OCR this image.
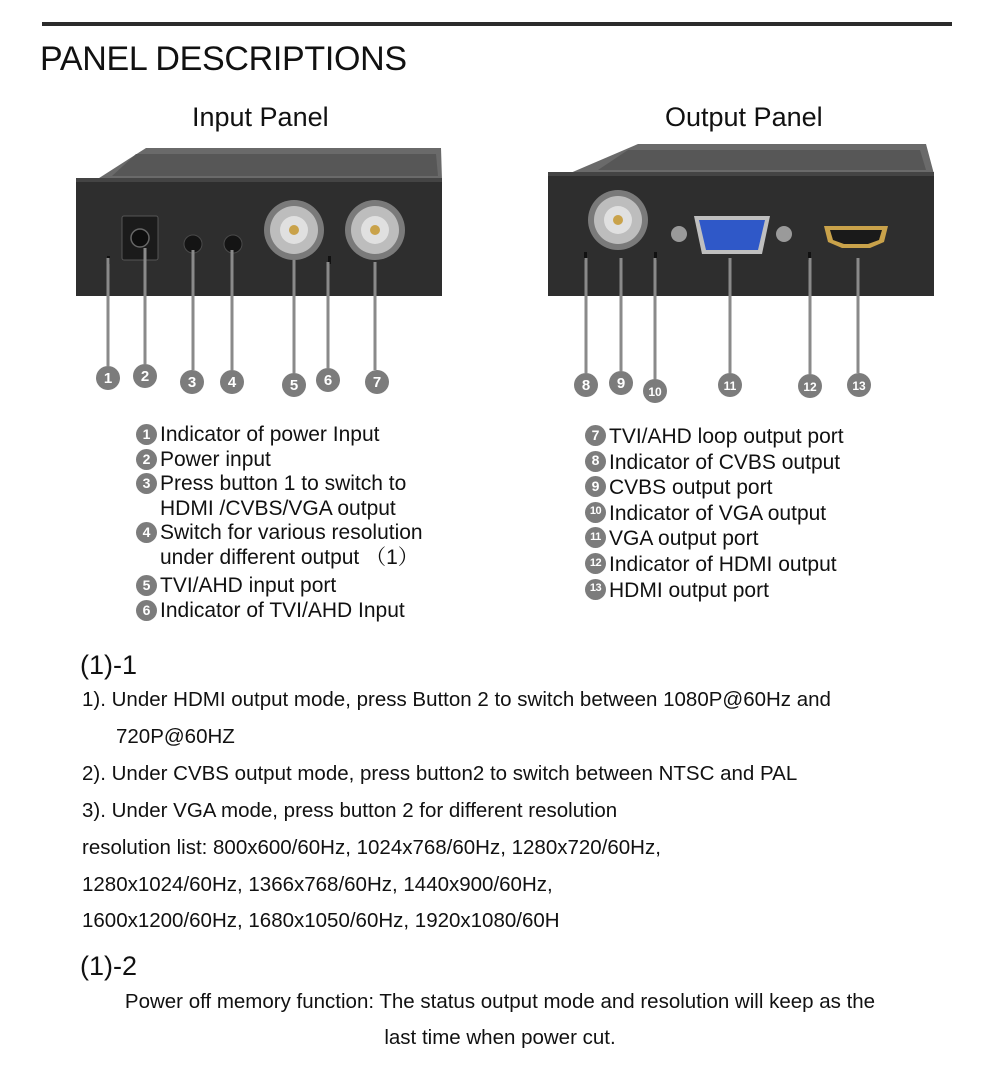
PANEL DESCRIPTIONS
Input Panel	Output Panel
1 2	3 4	5 6	7	8 9 10	11	12	13
1 Indicator of power Input
2 Power input
3 Press button 1 to switch to
HDMI /CVBS/VGA output
4 Switch for various resolution
under different output （1）
5 TVI/AHD input port
6 Indicator of TVI/AHD Input
7 TVI/AHD loop output port
8 Indicator of CVBS output
9 CVBS output port
10 Indicator of VGA output
11 VGA output port
12 Indicator of HDMI output
13 HDMI output port
(1)-1
1). Under HDMI output mode, press Button 2 to switch between 1080P@60Hz and
720P@60HZ
2). Under CVBS output mode, press button2 to switch between NTSC and PAL
3). Under VGA mode, press button 2 for different resolution
resolution list: 800x600/60Hz, 1024x768/60Hz, 1280x720/60Hz,
1280x1024/60Hz, 1366x768/60Hz, 1440x900/60Hz,
1600x1200/60Hz, 1680x1050/60Hz, 1920x1080/60H
(1)-2
Power off memory function: The status output mode and resolution will keep as the
last time when power cut.
